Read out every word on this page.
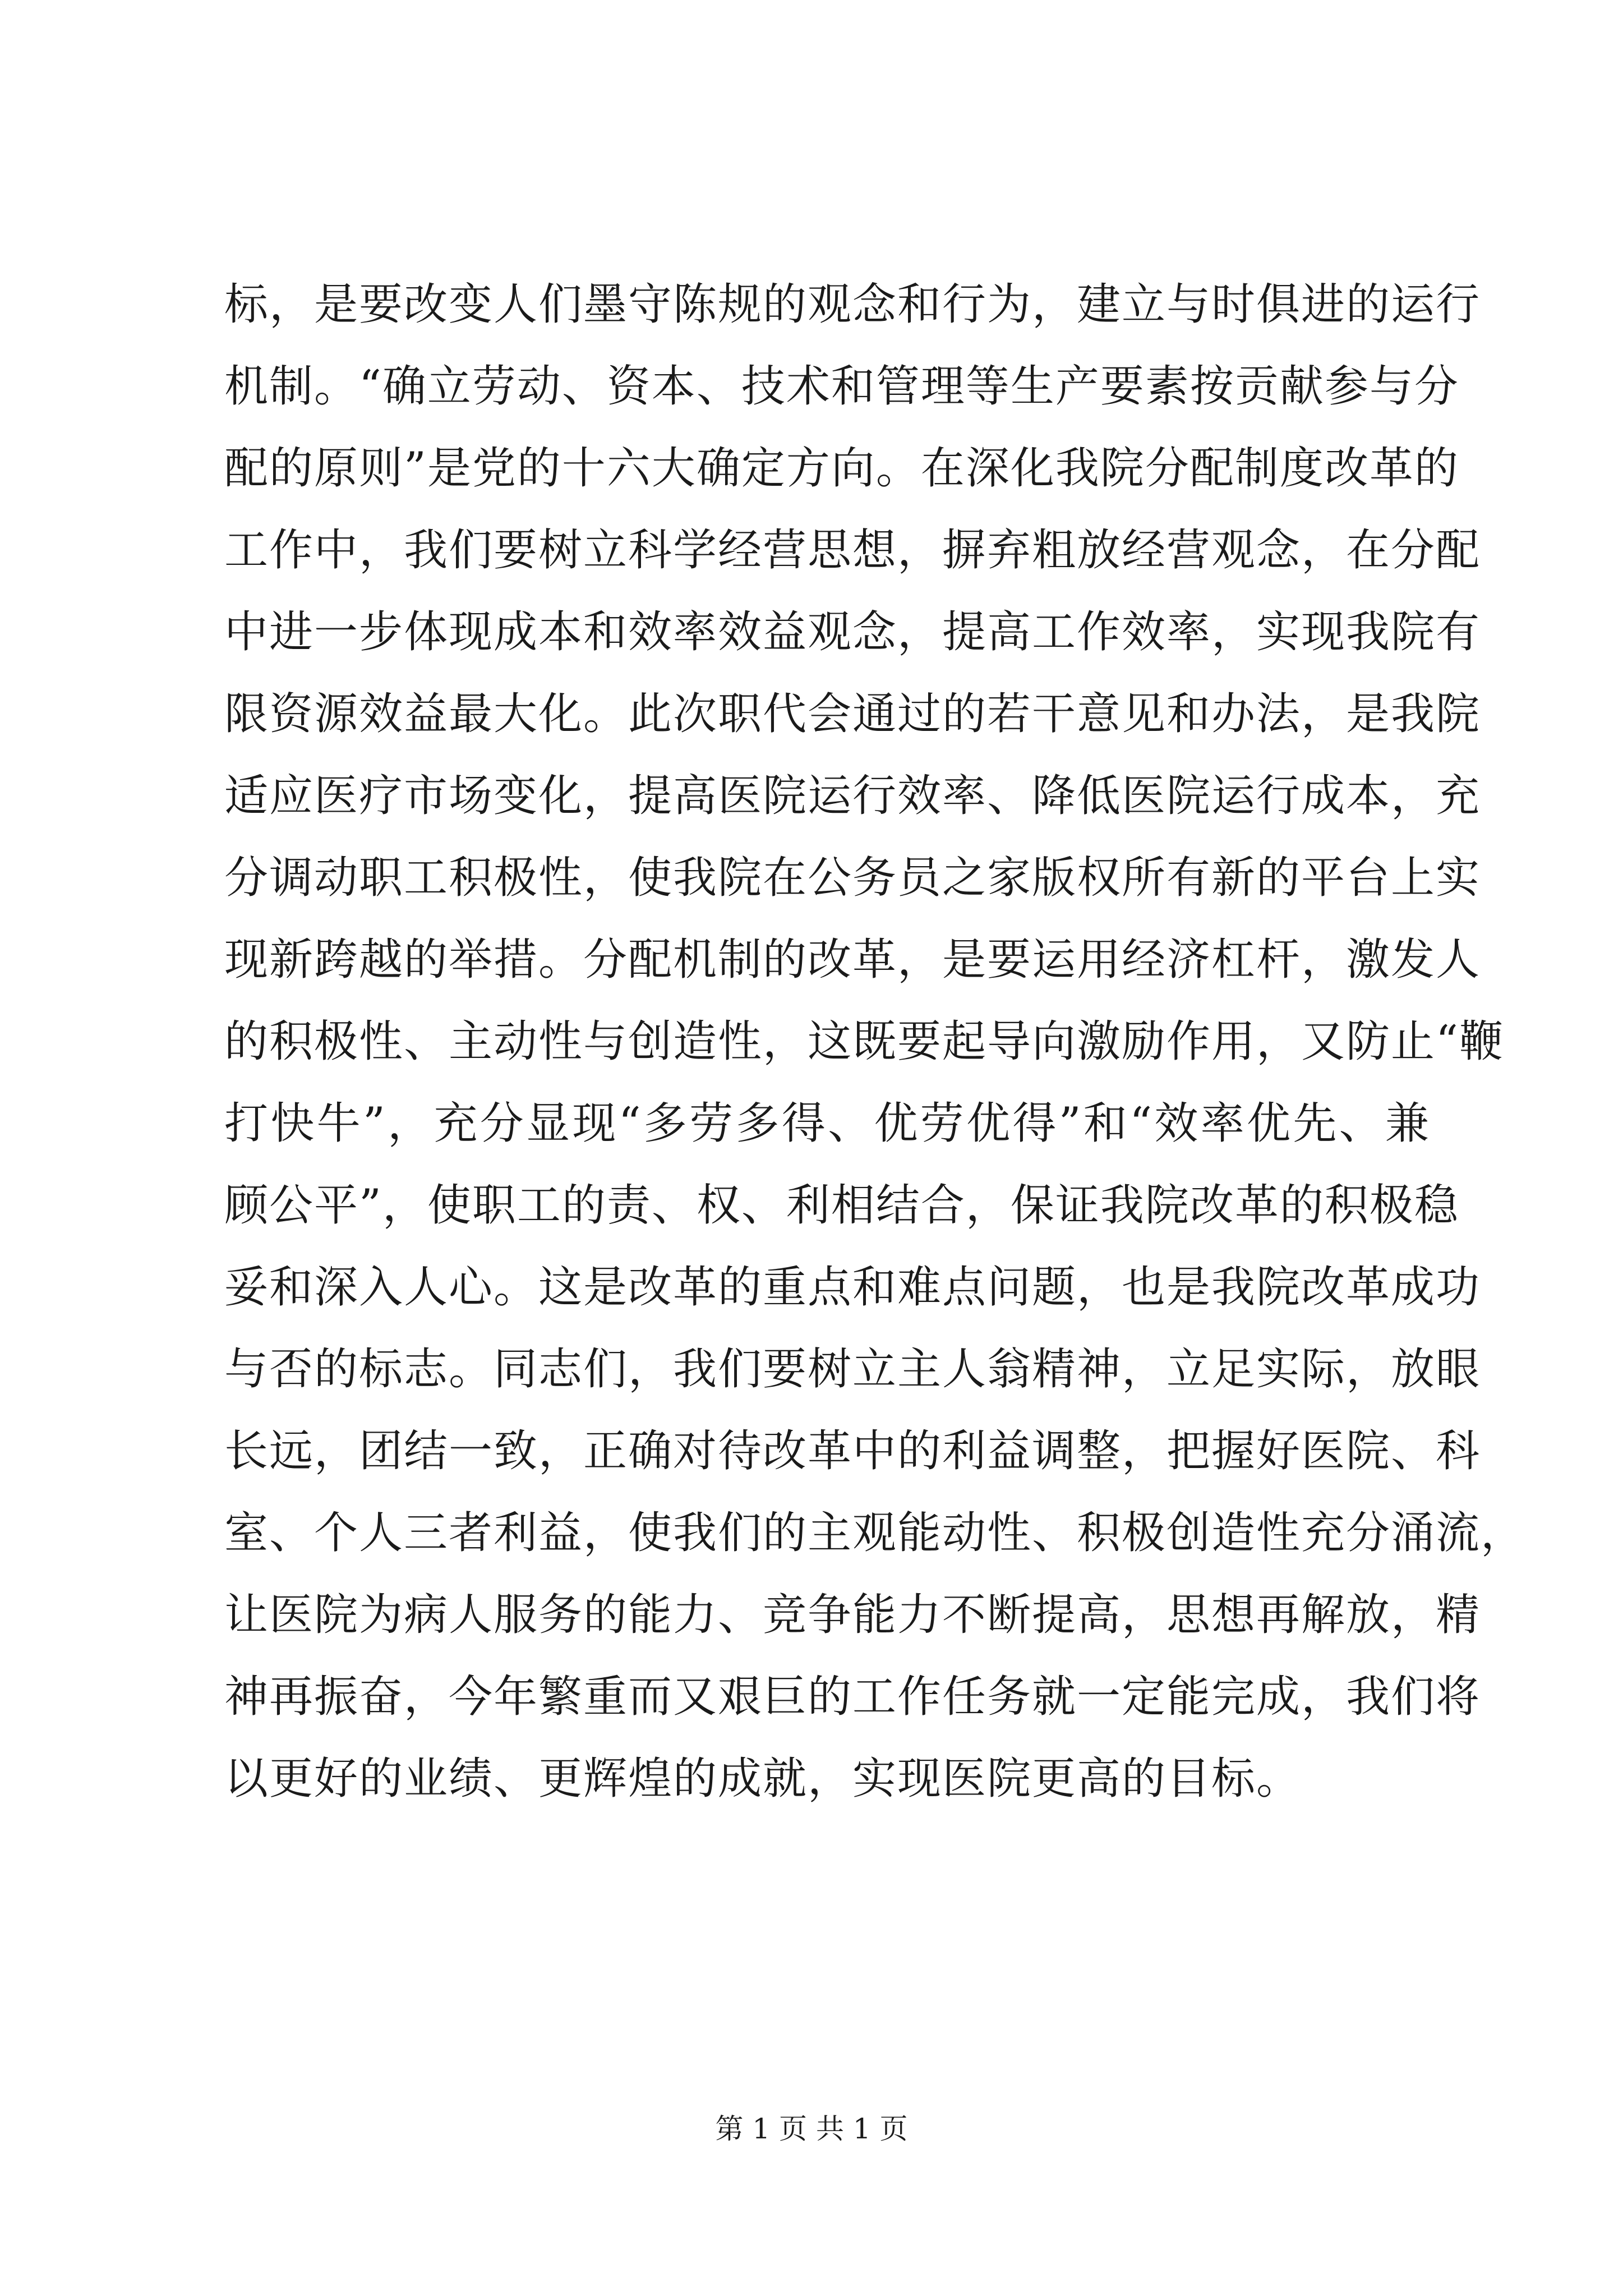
标，是要改变人们墨守陈规的观念和行为，建立与时俱进的运行
机制。“确立劳动、资本、技术和管理等生产要素按贡献参与分
配的原则”是党的十六大确定方向。在深化我院分配制度改革的
工作中，我们要树立科学经营思想，摒弃粗放经营观念，在分配
中进一步体现成本和效率效益观念，提高工作效率，实现我院有
限资源效益最大化。此次职代会通过的若干意见和办法，是我院
适应医疗市场变化，提高医院运行效率、降低医院运行成本，充
分调动职工积极性，使我院在公务员之家版权所有新的平台上实
现新跨越的举措。分配机制的改革，是要运用经济杠杆，激发人
的积极性、主动性与创造性，这既要起导向激励作用，又防止“鞭
打快牛”，充分显现“多劳多得、优劳优得”和“效率优先、兼
顾公平”，使职工的责、权、利相结合，保证我院改革的积极稳
妥和深入人心。这是改革的重点和难点问题，也是我院改革成功
与否的标志。同志们，我们要树立主人翁精神，立足实际，放眼
长远，团结一致，正确对待改革中的利益调整，把握好医院、科
室、个人三者利益，使我们的主观能动性、积极创造性充分涌流，
让医院为病人服务的能力、竞争能力不断提高，思想再解放，精
神再振奋，今年繁重而又艰巨的工作任务就一定能完成，我们将
以更好的业绩、更辉煌的成就，实现医院更高的目标。
第 1 页 共 1 页
